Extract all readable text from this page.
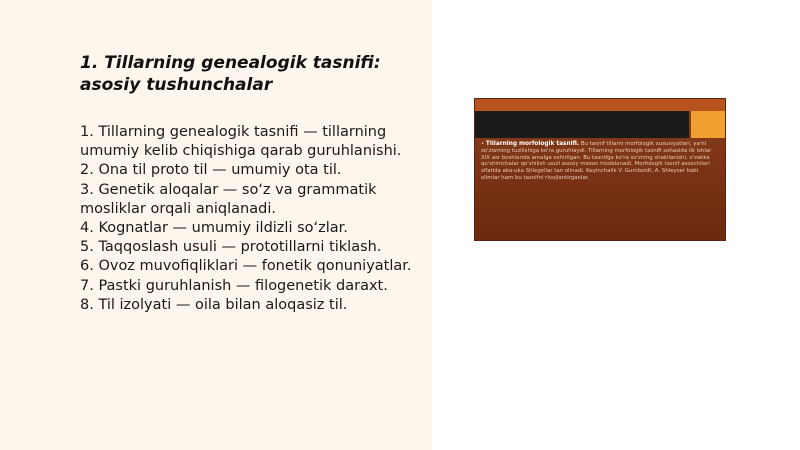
1. Tillarning genealogik tasnifi: asosiy tushunchalar
1. Tillarning genealogik tasnifi — tillarning umumiy kelib chiqishiga qarab guruhlanishi.
2. Ona til proto til — umumiy ota til.
3. Genetik aloqalar — so‘z va grammatik mosliklar orqali aniqlanadi.
4. Kognatlar — umumiy ildizli so‘zlar.
5. Taqqoslash usuli — prototillarni tiklash.
6. Ovoz muvofiqliklari — fonetik qonuniyatlar.
7. Pastki guruhlanish — filogenetik daraxt.
8. Til izolyati — oila bilan aloqasiz til.

• Tillarning morfologik tasnifi. Bu tasnif tillarni morfologik xususiyatlari, ya'ni so'zlarning tuzilishiga ko'ra guruhlaydi. Tillarning morfologik tasnifi sohasida ilk ishlar XIX asr boshlarida amalga oshirilgan. Bu tasnifga ko'ra so'zning shakllanishi, o'zakka qo'shimchalar qo'shilish usuli asosiy mezon hisoblanadi. Morfologik tasnif asoschilari sifatida aka-uka Shlegellar tan olinadi. Keyinchalik V. Gumboldt, A. Shleyxer kabi olimlar ham bu tasnifni rivojlantirganlar.
